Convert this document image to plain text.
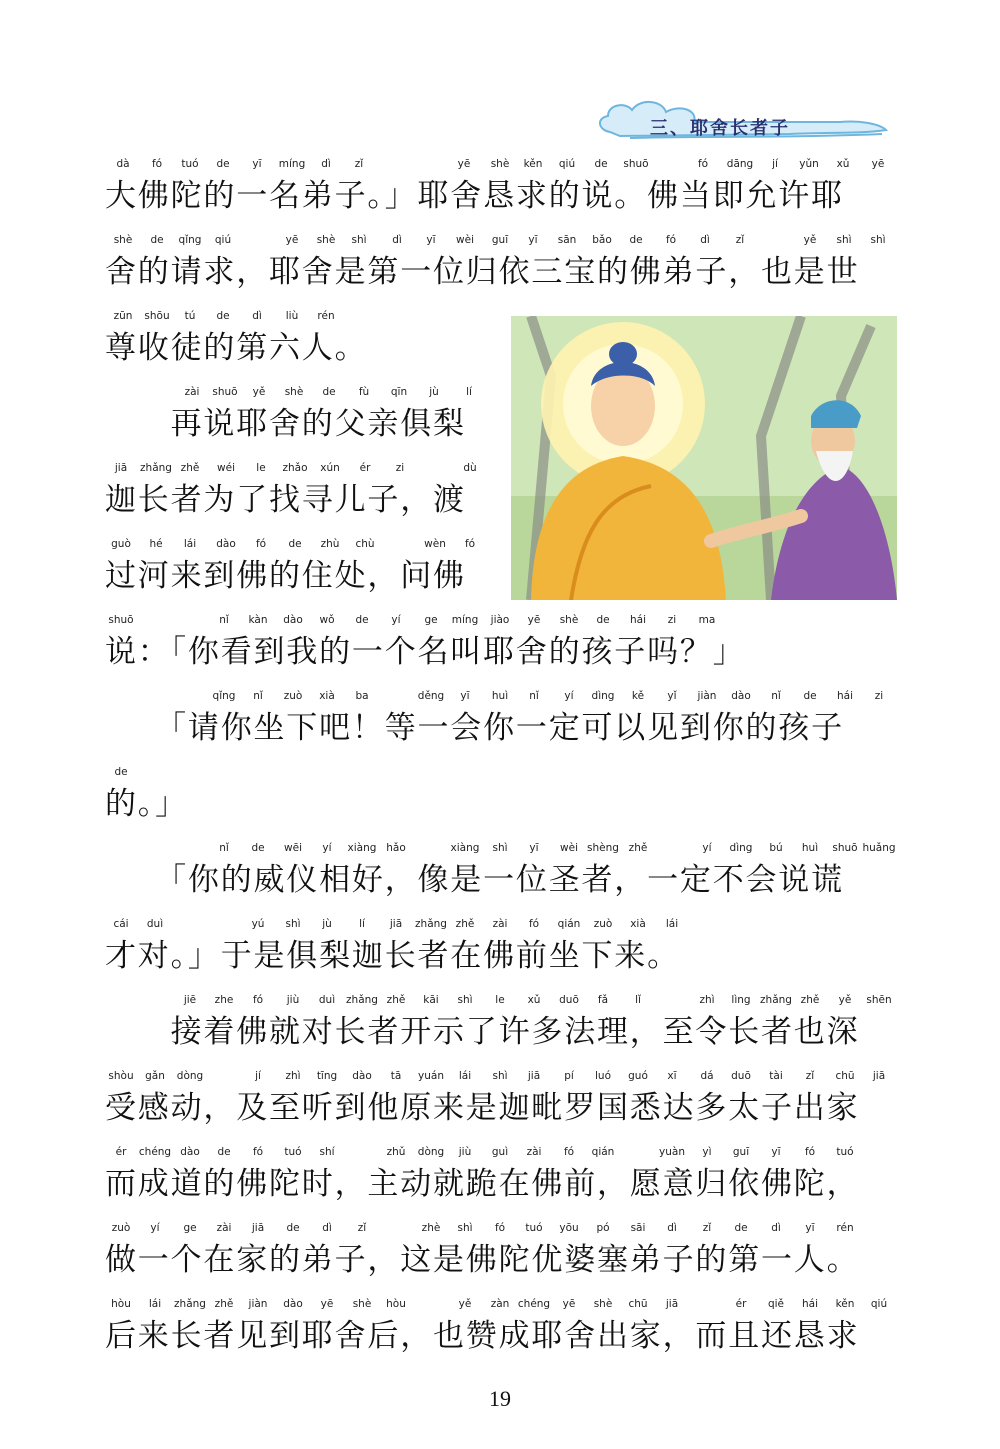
三、耶舍长者子
dà fó tuó de yī míng dì zǐ	yē shè kěn qiú de shuō	fó dāng jí yǔn xǔ yē
大佛陀的一名弟子。」耶舍恳求的说。佛当即允许耶
shè de qǐng qiú	yē shè shì dì yī wèi guī yī sān bǎo de fó dì zǐ	yě shì shì
舍的请求，耶舍是第一位归依三宝的佛弟子，也是世
zūn shōu tú de dì liù rén
尊收徒的第六人。
zài shuō yě shè de fù qīn jù	lí
　　再说耶舍的父亲俱梨
jiā zhǎng zhě wéi le zhǎo xún ér zi	dù
迦长者为了找寻儿子，渡
guò hé lái dào fó de zhù chù	wèn fó
过河来到佛的住处，问佛
shuō	nǐ kàn dào wǒ de yí ge míng jiào yē shè de hái zi ma
说：「你看到我的一个名叫耶舍的孩子吗？」
qǐng nǐ zuò xià ba	děng yī huì nǐ yí dìng kě yǐ jiàn dào nǐ de hái zi
　　「请你坐下吧！等一会你一定可以见到你的孩子
de
的。」
nǐ de wēi yí xiàng hǎo	xiàng shì yī wèi shèng zhě	yí dìng bú huì shuō huǎng
　　「你的威仪相好，像是一位圣者，一定不会说谎
cái duì	yú shì jù	lí jiā zhǎng zhě zài fó qián zuò xià lái
才对。」于是俱梨迦长者在佛前坐下来。
jiē zhe fó jiù duì zhǎng zhě kāi shì le xǔ duō fǎ	lǐ	zhì lìng zhǎng zhě yě shēn
　　接着佛就对长者开示了许多法理，至令长者也深
shòu gǎn dòng	jí zhì tīng dào tā yuán lái shì jiā pí luó guó xī dá duō tài zǐ chū jiā
受感动，及至听到他原来是迦毗罗国悉达多太子出家
ér chéng dào de fó tuó shí	zhǔ dòng jiù guì zài fó qián	yuàn yì guī yī fó tuó
而成道的佛陀时，主动就跪在佛前，愿意归依佛陀，
zuò yí ge zài jiā de dì zǐ	zhè shì fó tuó yōu pó sāi dì zǐ de dì yī rén
做一个在家的弟子，这是佛陀优婆塞弟子的第一人。
hòu lái zhǎng zhě jiàn dào yē shè hòu	yě zàn chéng yē shè chū jiā	ér qiě hái kěn qiú
后来长者见到耶舍后，也赞成耶舍出家，而且还恳求
19
